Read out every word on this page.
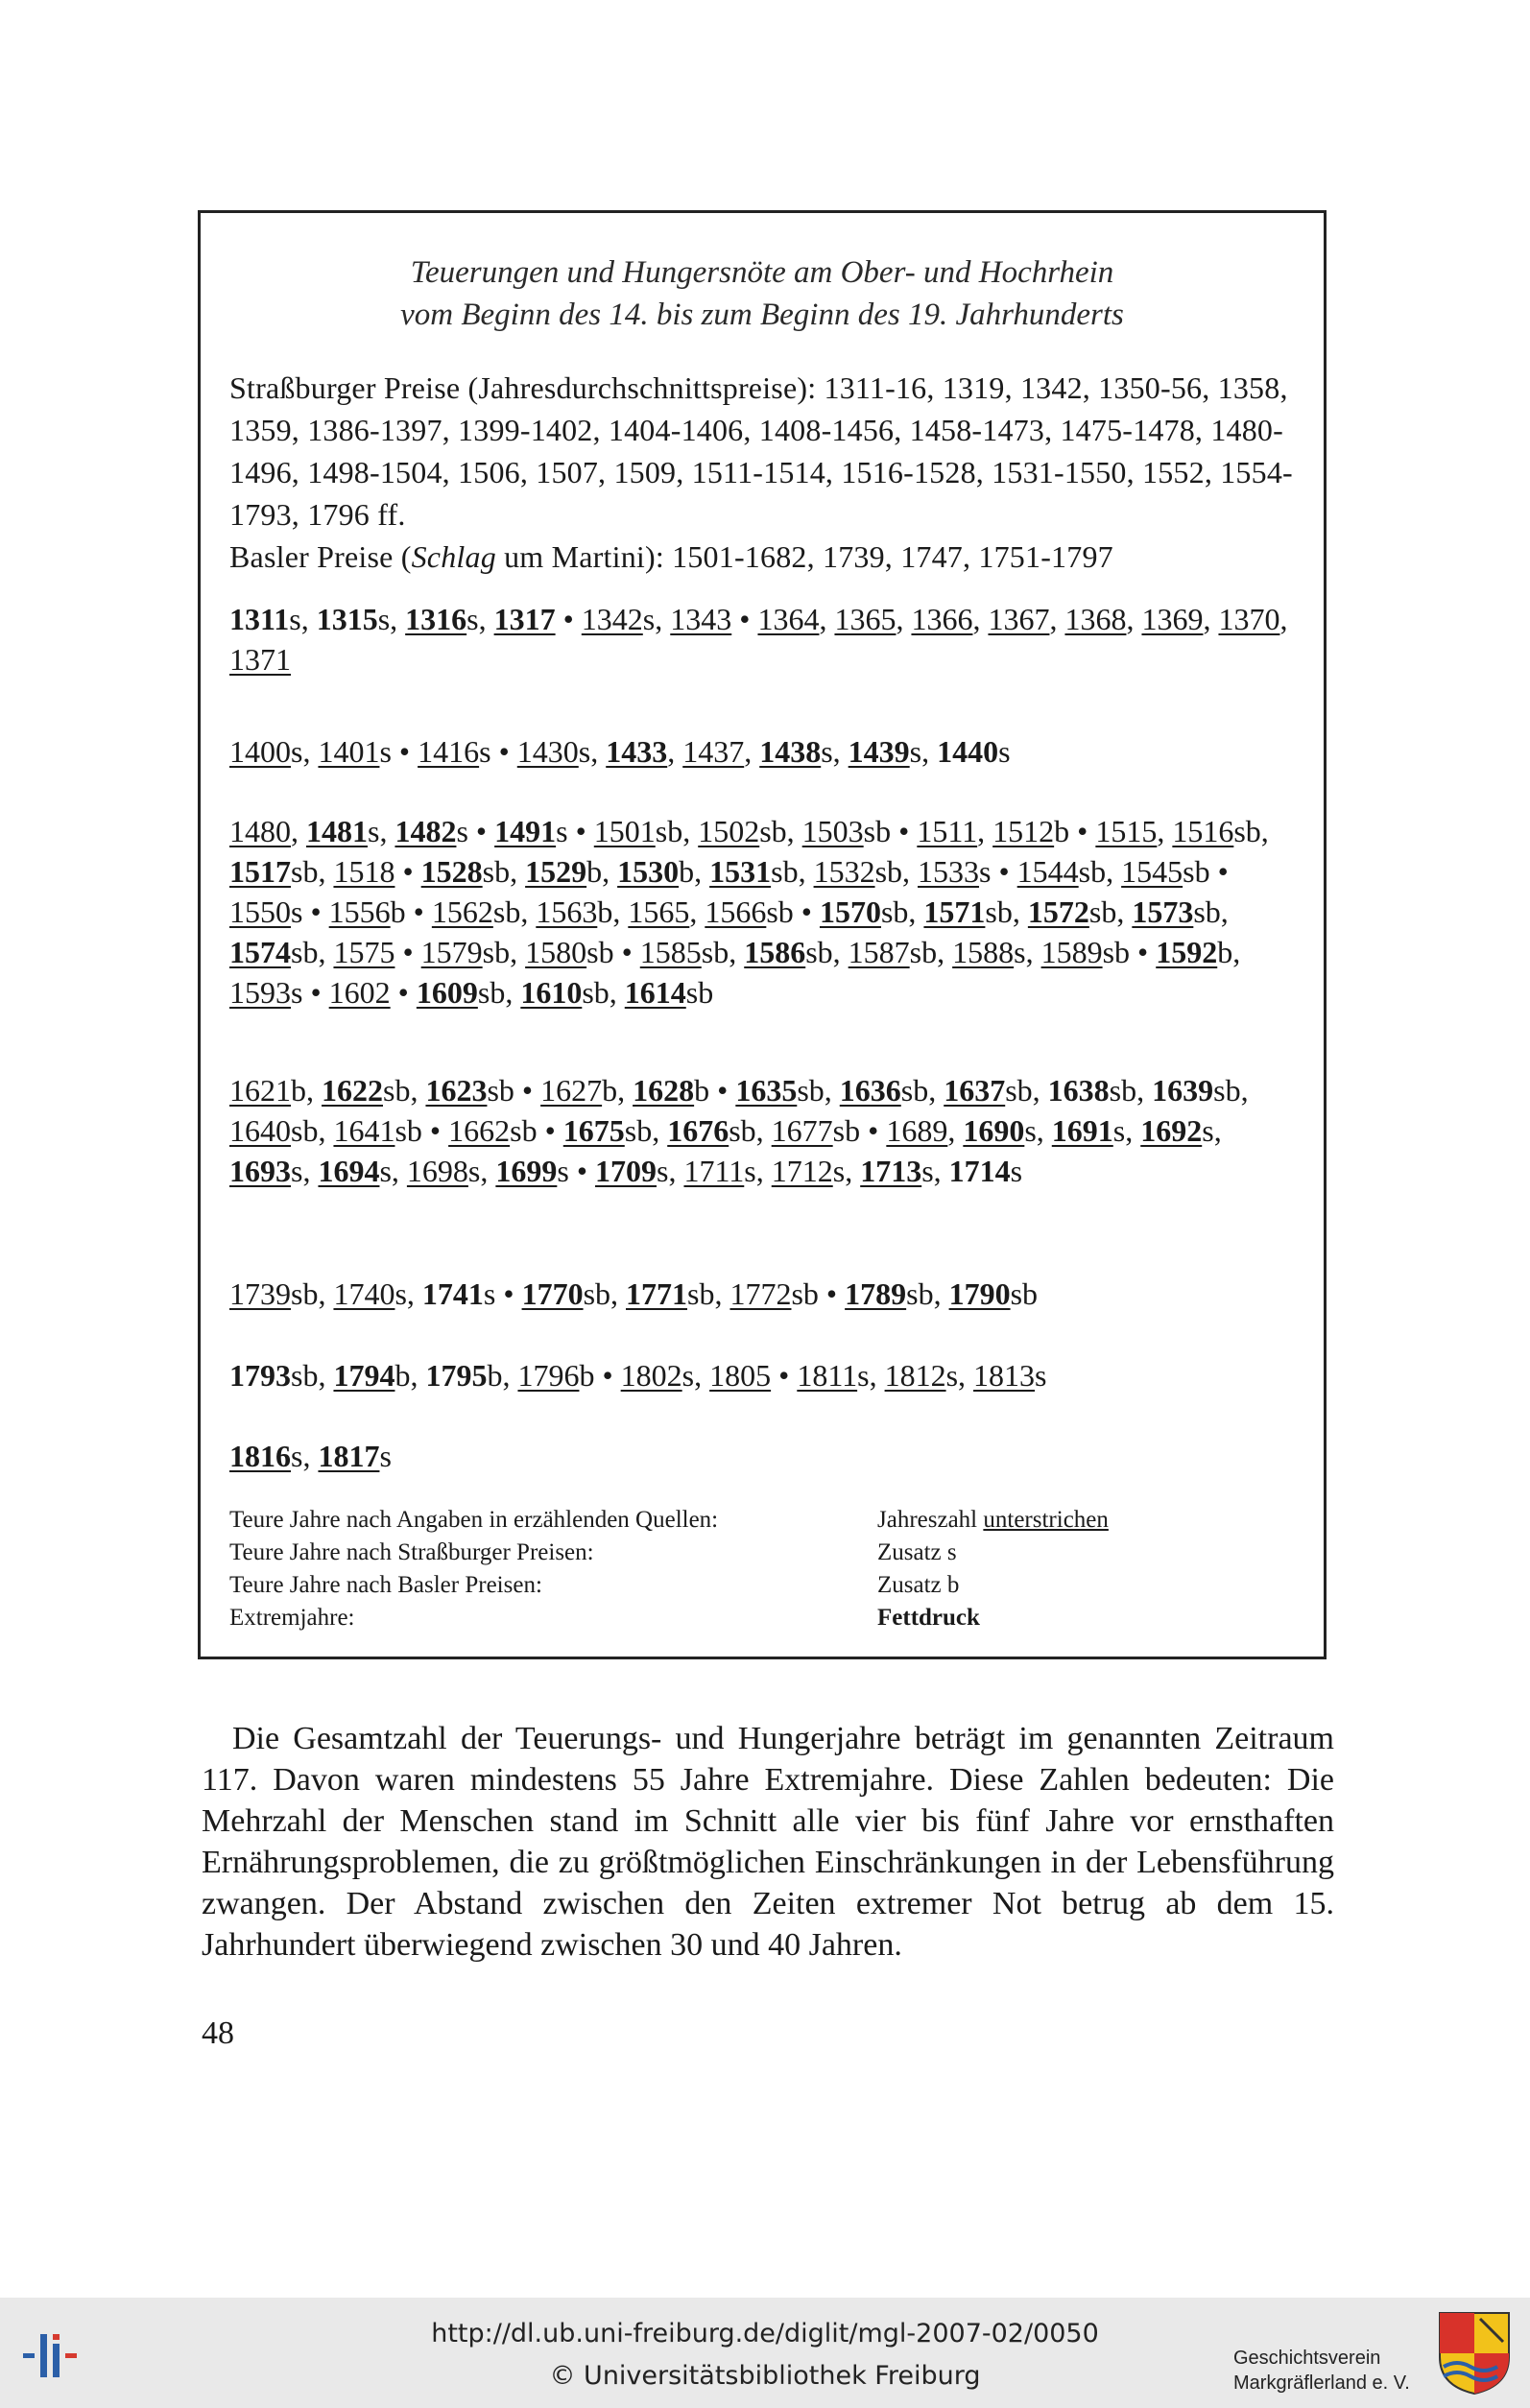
Teuerungen und Hungersnöte am Ober- und Hochrhein
vom Beginn des 14. bis zum Beginn des 19. Jahrhunderts

Straßburger Preise (Jahresdurchschnittspreise): 1311-16, 1319, 1342, 1350-56, 1358, 1359, 1386-1397, 1399-1402, 1404-1406, 1408-1456, 1458-1473, 1475-1478, 1480-1496, 1498-1504, 1506, 1507, 1509, 1511-1514, 1516-1528, 1531-1550, 1552, 1554-1793, 1796 ff.

Basler Preise (Schlag um Martini): 1501-1682, 1739, 1747, 1751-1797

1311s, 1315s, 1316s, 1317 • 1342s, 1343 • 1364, 1365, 1366, 1367, 1368, 1369, 1370, 1371
1400s, 1401s • 1416s • 1430s, 1433, 1437, 1438s, 1439s, 1440s
1480, 1481s, 1482s • 1491s • 1501sb, 1502sb, 1503sb • 1511, 1512b • 1515, 1516sb, 1517sb, 1518 • 1528sb, 1529b, 1530b, 1531sb, 1532sb, 1533s • 1544sb, 1545sb • 1550s • 1556b • 1562sb, 1563b, 1565, 1566sb • 1570sb, 1571sb, 1572sb, 1573sb, 1574sb, 1575 • 1579sb, 1580sb • 1585sb, 1586sb, 1587sb, 1588s, 1589sb • 1592b, 1593s • 1602 • 1609sb, 1610sb, 1614sb
1621b, 1622sb, 1623sb • 1627b, 1628b • 1635sb, 1636sb, 1637sb, 1638sb, 1639sb, 1640sb, 1641sb • 1662sb • 1675sb, 1676sb, 1677sb • 1689, 1690s, 1691s, 1692s, 1693s, 1694s, 1698s, 1699s • 1709s, 1711s, 1712s, 1713s, 1714s
1739sb, 1740s, 1741s • 1770sb, 1771sb, 1772sb • 1789sb, 1790sb
1793sb, 1794b, 1795b, 1796b • 1802s, 1805 • 1811s, 1812s, 1813s
1816s, 1817s
Teure Jahre nach Angaben in erzählenden Quellen:	Jahreszahl unterstrichen
Teure Jahre nach Straßburger Preisen:	Zusatz s
Teure Jahre nach Basler Preisen:	Zusatz b
Extremjahre:	Fettdruck
Die Gesamtzahl der Teuerungs- und Hungerjahre beträgt im genannten Zeitraum 117. Davon waren mindestens 55 Jahre Extremjahre. Diese Zahlen bedeuten: Die Mehrzahl der Menschen stand im Schnitt alle vier bis fünf Jahre vor ernsthaften Ernährungsproblemen, die zu größtmöglichen Einschränkungen in der Lebensführung zwangen. Der Abstand zwischen den Zeiten extremer Not betrug ab dem 15. Jahrhundert überwiegend zwischen 30 und 40 Jahren.
48
http://dl.ub.uni-freiburg.de/diglit/mgl-2007-02/0050
© Universitätsbibliothek Freiburg
Geschichtsverein
Markgräflerland e. V.
